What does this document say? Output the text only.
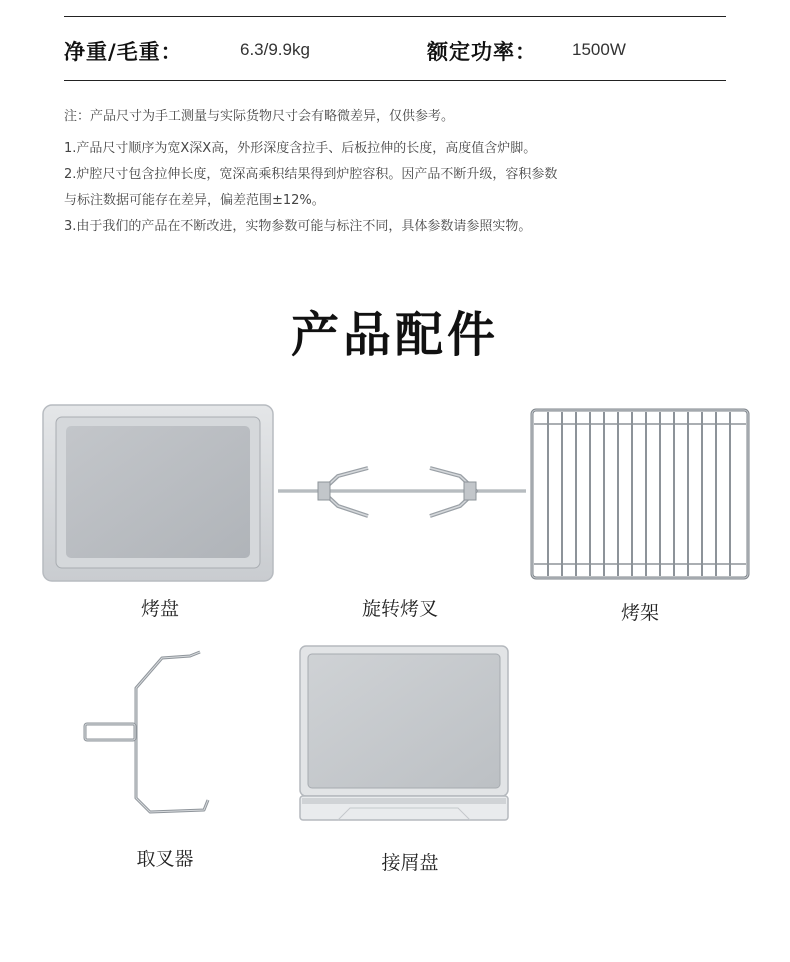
净重/毛重：	6.3/9.9kg	额定功率： 1500W
注：产品尺寸为手工测量与实际货物尺寸会有略微差异，仅供参考。
1.产品尺寸顺序为宽X深X高，外形深度含拉手、后板拉伸的长度，高度值含炉脚。
2.炉腔尺寸包含拉伸长度，宽深高乘积结果得到炉腔容积。因产品不断升级，容积参数
与标注数据可能存在差异，偏差范围±12%。
3.由于我们的产品在不断改进，实物参数可能与标注不同，具体参数请参照实物。
产品配件
烤盘	旋转烤叉	烤架
取叉器	接屑盘
